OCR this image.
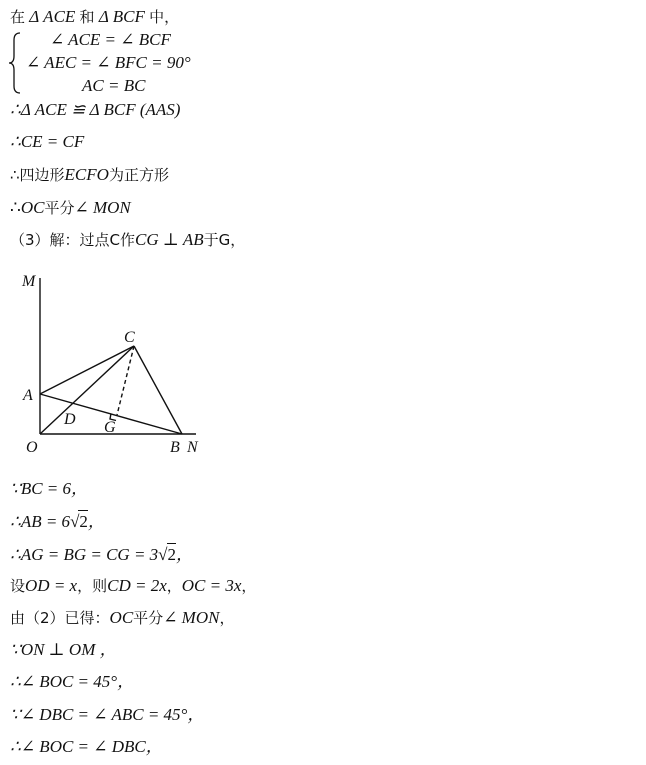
在 Δ ACE 和 Δ BCF 中，
∠ ACE = ∠ BCF
∠ AEC = ∠ BFC = 90°
AC = BC
∴Δ ACE ≌ Δ BCF (AAS)
∴CE = CF
∴四边形ECFO为正方形
∴OC平分∠ MON
（3）解：过点C作CG ⊥ AB于G，
M
C
A
D G
O	B N
∵BC = 6，
∴AB = 6√2，
∴AG = BG = CG = 3√2，
设OD = x，则CD = 2x，OC = 3x，
由（2）已得：OC平分∠ MON，
∵ON ⊥ OM ，
∴∠ BOC = 45°，
∵∠ DBC = ∠ ABC = 45°，
∴∠ BOC = ∠ DBC，
